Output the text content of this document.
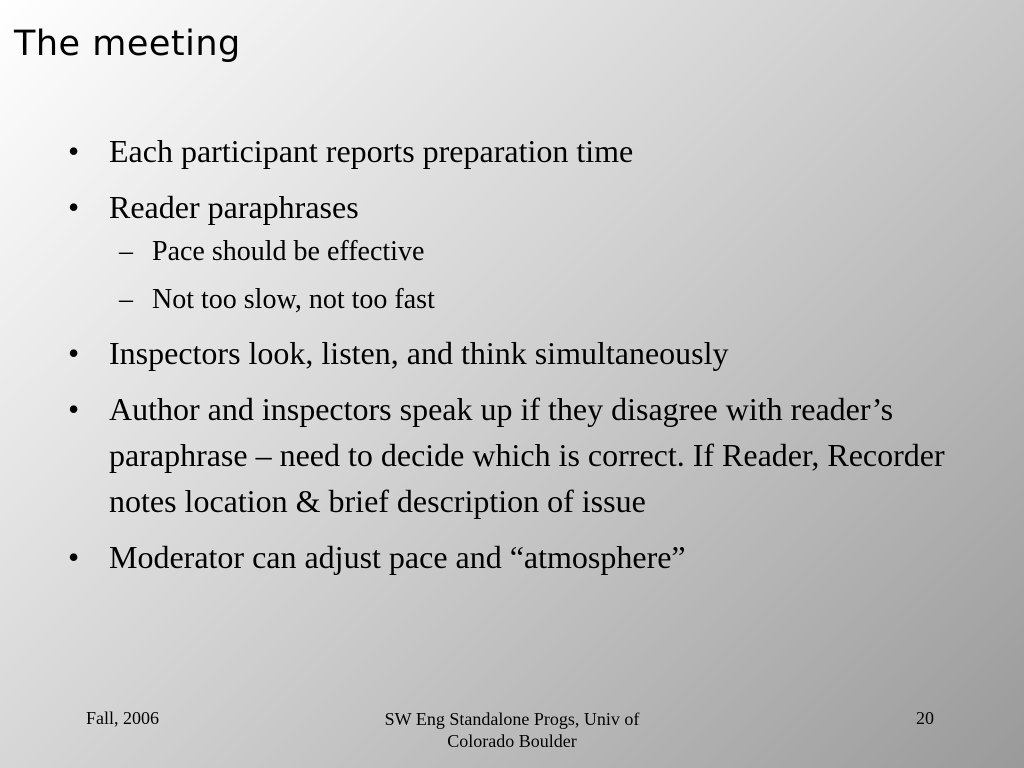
The meeting
• Each participant reports preparation time
• Reader paraphrases
– Pace should be effective
– Not too slow, not too fast
• Inspectors look, listen, and think simultaneously
• Author and inspectors speak up if they disagree with reader’s paraphrase – need to decide which is correct. If Reader, Recorder notes location & brief description of issue
• Moderator can adjust pace and “atmosphere”
Fall, 2006	SW Eng Standalone Progs, Univ of Colorado Boulder
20
